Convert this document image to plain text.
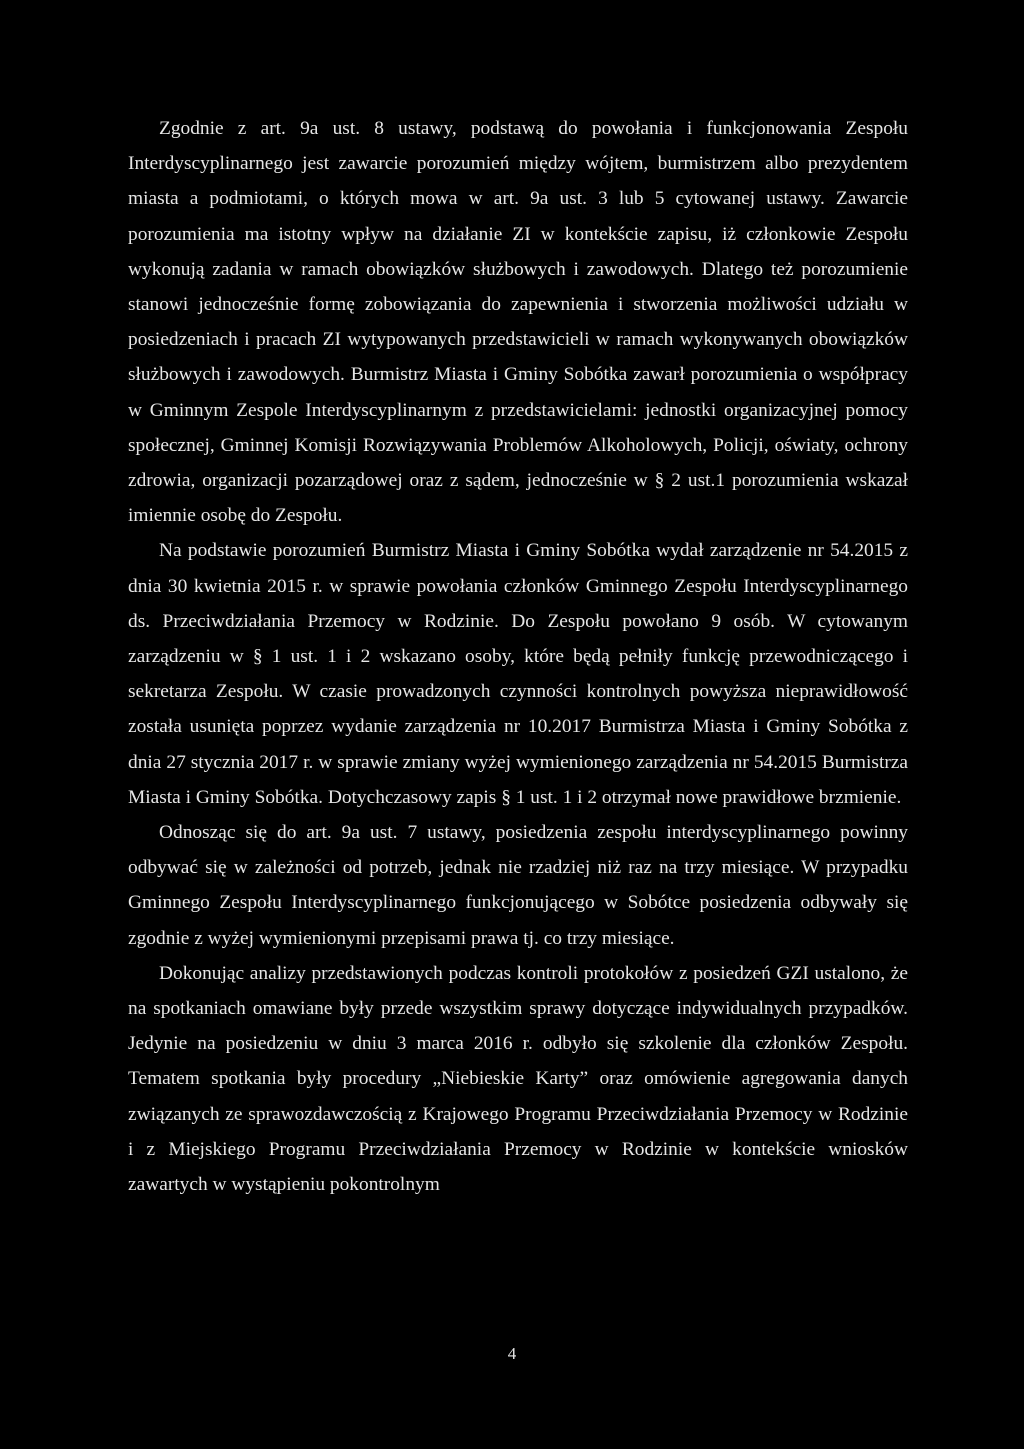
Zgodnie z art. 9a ust. 8 ustawy, podstawą do powołania i funkcjonowania Zespołu Interdyscyplinarnego jest zawarcie porozumień między wójtem, burmistrzem albo prezydentem miasta a podmiotami, o których mowa w art. 9a ust. 3 lub 5 cytowanej ustawy. Zawarcie porozumienia ma istotny wpływ na działanie ZI w kontekście zapisu, iż członkowie Zespołu wykonują zadania w ramach obowiązków służbowych i zawodowych. Dlatego też porozumienie stanowi jednocześnie formę zobowiązania do zapewnienia i stworzenia możliwości udziału w posiedzeniach i pracach ZI wytypowanych przedstawicieli w ramach wykonywanych obowiązków służbowych i zawodowych. Burmistrz Miasta i Gminy Sobótka zawarł porozumienia o współpracy w Gminnym Zespole Interdyscyplinarnym z przedstawicielami: jednostki organizacyjnej pomocy społecznej, Gminnej Komisji Rozwiązywania Problemów Alkoholowych, Policji, oświaty, ochrony zdrowia, organizacji pozarządowej oraz z sądem, jednocześnie w § 2 ust.1 porozumienia wskazał imiennie osobę do Zespołu.

Na podstawie porozumień Burmistrz Miasta i Gminy Sobótka wydał zarządzenie nr 54.2015 z dnia 30 kwietnia 2015 r. w sprawie powołania członków Gminnego Zespołu Interdyscyplinarnego ds. Przeciwdziałania Przemocy w Rodzinie. Do Zespołu powołano 9 osób. W cytowanym zarządzeniu w § 1 ust. 1 i 2 wskazano osoby, które będą pełniły funkcję przewodniczącego i sekretarza Zespołu. W czasie prowadzonych czynności kontrolnych powyższa nieprawidłowość została usunięta poprzez wydanie zarządzenia nr 10.2017 Burmistrza Miasta i Gminy Sobótka z dnia 27 stycznia 2017 r. w sprawie zmiany wyżej wymienionego zarządzenia nr 54.2015 Burmistrza Miasta i Gminy Sobótka. Dotychczasowy zapis § 1 ust. 1 i 2 otrzymał nowe prawidłowe brzmienie.

Odnosząc się do art. 9a ust. 7 ustawy, posiedzenia zespołu interdyscyplinarnego powinny odbywać się w zależności od potrzeb, jednak nie rzadziej niż raz na trzy miesiące. W przypadku Gminnego Zespołu Interdyscyplinarnego funkcjonującego w Sobótce posiedzenia odbywały się zgodnie z wyżej wymienionymi przepisami prawa tj. co trzy miesiące.

Dokonując analizy przedstawionych podczas kontroli protokołów z posiedzeń GZI ustalono, że na spotkaniach omawiane były przede wszystkim sprawy dotyczące indywidualnych przypadków. Jedynie na posiedzeniu w dniu 3 marca 2016 r. odbyło się szkolenie dla członków Zespołu. Tematem spotkania były procedury „Niebieskie Karty” oraz omówienie agregowania danych związanych ze sprawozdawczością z Krajowego Programu Przeciwdziałania Przemocy w Rodzinie i z Miejskiego Programu Przeciwdziałania Przemocy w Rodzinie w kontekście wniosków zawartych w wystąpieniu pokontrolnym

4
